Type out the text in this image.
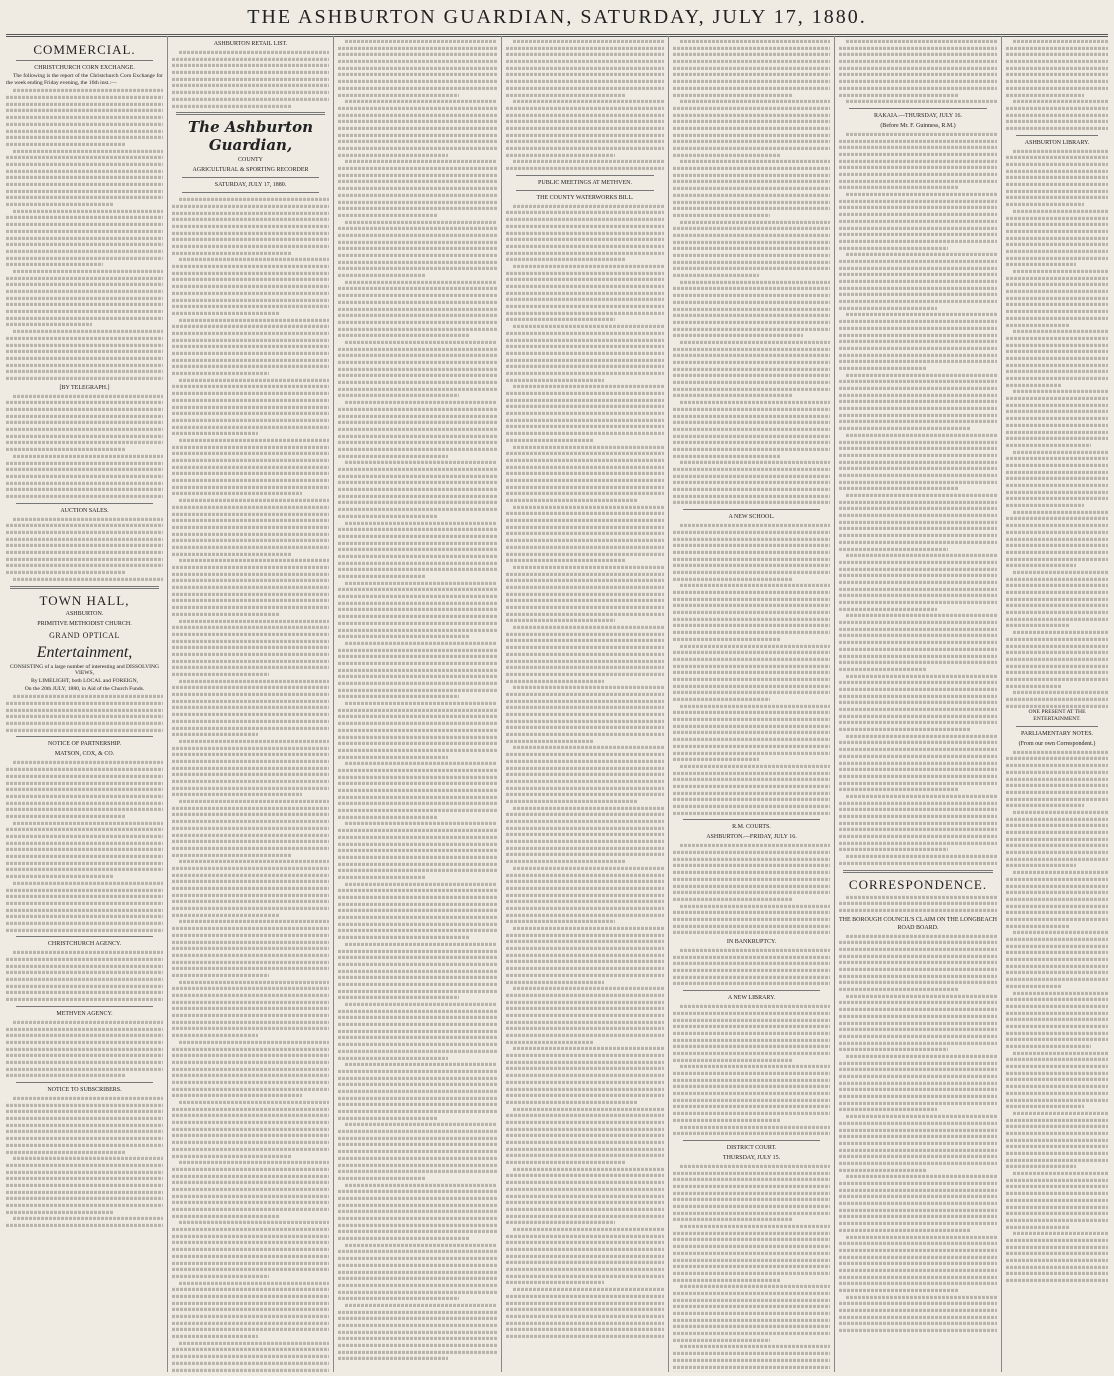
THE ASHBURTON GUARDIAN, SATURDAY, JULY 17, 1880.
COMMERCIAL.
CHRISTCHURCH CORN EXCHANGE.

The following is the report of the Christchurch Corn Exchange for the week ending Friday evening, the 16th inst.:—

[BY TELEGRAPH.]
AUCTION SALES.
TOWN HALL,
ASHBURTON.
PRIMITIVE METHODIST CHURCH.
GRAND OPTICAL
Entertainment,

CONSISTING of a large number of interesting and DISSOLVING VIEWS,

By LIMELIGHT, both LOCAL and FOREIGN,

On the 20th JULY, 1880, in Aid of the Church Funds.

NOTICE OF PARTNERSHIP.
MATSON, COX, & CO.
CHRISTCHURCH AGENCY.
METHVEN AGENCY.
NOTICE TO SUBSCRIBERS.
ASHBURTON RETAIL LIST.
The Ashburton Guardian,
COUNTY
AGRICULTURAL & SPORTING RECORDER
SATURDAY, JULY 17, 1880.	PUBLIC MEETINGS AT METHVEN.
THE COUNTY WATERWORKS BILL.
A NEW SCHOOL.
R.M. COURTS.
ASHBURTON.—FRIDAY, JULY 16.
IN BANKRUPTCY.
A NEW LIBRARY.
DISTRICT COURT.
THURSDAY, JULY 15.
RAKAIA.—THURSDAY, JULY 16.
(Before Mr. F. Guinness, R.M.)
CORRESPONDENCE.
THE BOROUGH COUNCIL'S CLAIM ON THE LONGBEACH ROAD BOARD.
ASHBURTON LIBRARY.

ONE PRESENT AT THE ENTERTAINMENT.

PARLIAMENTARY NOTES.
(From our own Correspondent.)
